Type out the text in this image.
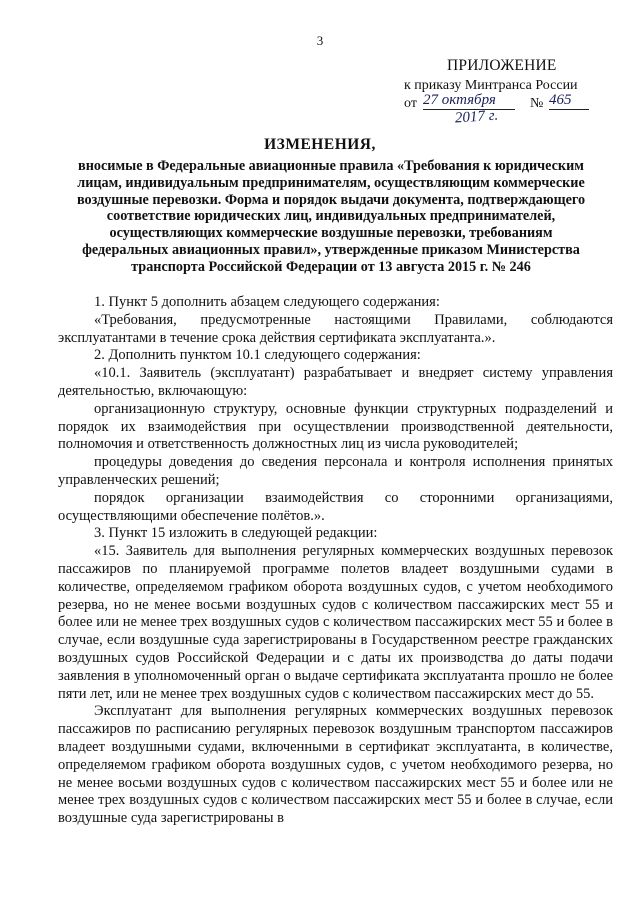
3
ПРИЛОЖЕНИЕ
к приказу Минтранса России
от 27 октября	№ 465
2017 г.
ИЗМЕНЕНИЯ,
вносимые в Федеральные авиационные правила «Требования к юридическим лицам, индивидуальным предпринимателям, осуществляющим коммерческие воздушные перевозки. Форма и порядок выдачи документа, подтверждающего соответствие юридических лиц, индивидуальных предпринимателей, осуществляющих коммерческие воздушные перевозки, требованиям федеральных авиационных правил», утвержденные приказом Министерства транспорта Российской Федерации от 13 августа 2015 г. № 246

1. Пункт 5 дополнить абзацем следующего содержания:

«Требования, предусмотренные настоящими Правилами, соблюдаются эксплуатантами в течение срока действия сертификата эксплуатанта.».

2. Дополнить пунктом 10.1 следующего содержания:

«10.1. Заявитель (эксплуатант) разрабатывает и внедряет систему управления деятельностью, включающую:

организационную структуру, основные функции структурных подразделений и порядок их взаимодействия при осуществлении производственной деятельности, полномочия и ответственность должностных лиц из числа руководителей;

процедуры доведения до сведения персонала и контроля исполнения принятых управленческих решений;

порядок организации взаимодействия со сторонними организациями, осуществляющими обеспечение полётов.».

3. Пункт 15 изложить в следующей редакции:

«15. Заявитель для выполнения регулярных коммерческих воздушных перевозок пассажиров по планируемой программе полетов владеет воздушными судами в количестве, определяемом графиком оборота воздушных судов, с учетом необходимого резерва, но не менее восьми воздушных судов с количеством пассажирских мест 55 и более или не менее трех воздушных судов с количеством пассажирских мест 55 и более в случае, если воздушные суда зарегистрированы в Государственном реестре гражданских воздушных судов Российской Федерации и с даты их производства до даты подачи заявления в уполномоченный орган о выдаче сертификата эксплуатанта прошло не более пяти лет, или не менее трех воздушных судов с количеством пассажирских мест до 55.

Эксплуатант для выполнения регулярных коммерческих воздушных перевозок пассажиров по расписанию регулярных перевозок воздушным транспортом пассажиров владеет воздушными судами, включенными в сертификат эксплуатанта, в количестве, определяемом графиком оборота воздушных судов, с учетом необходимого резерва, но не менее восьми воздушных судов с количеством пассажирских мест 55 и более или не менее трех воздушных судов с количеством пассажирских мест 55 и более в случае, если воздушные суда зарегистрированы в
